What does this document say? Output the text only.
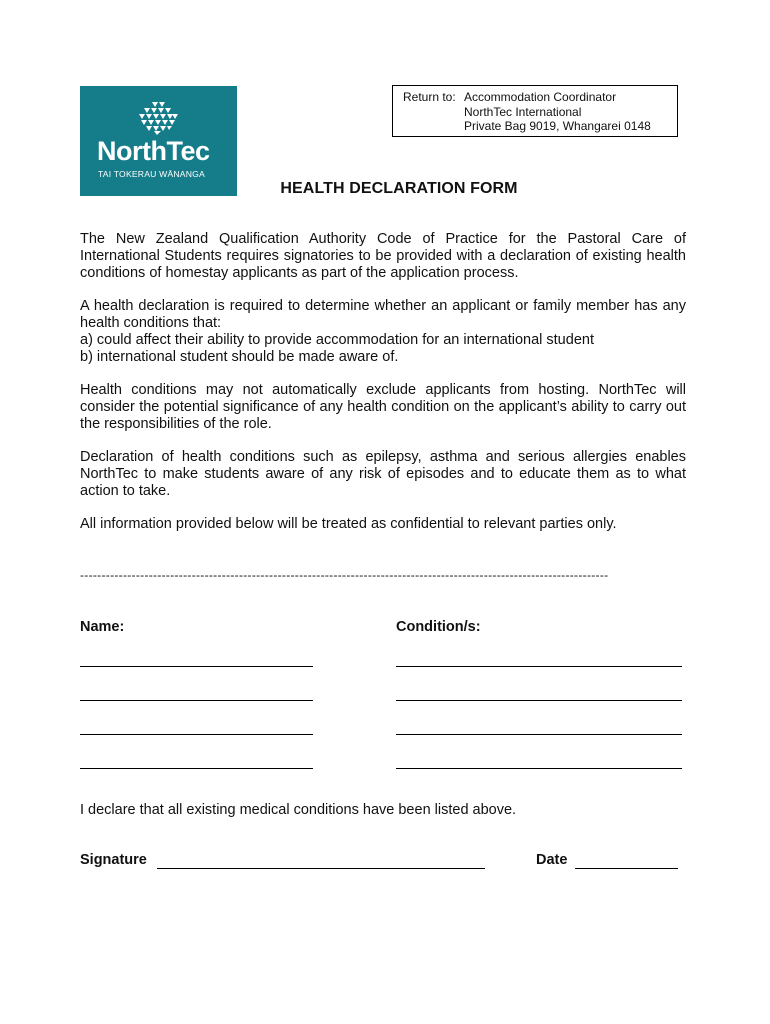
NorthTec
TAI TOKERAU WĀNANGA
Return to: Accommodation Coordinator
NorthTec International
Private Bag 9019, Whangarei 0148
HEALTH DECLARATION FORM

The New Zealand Qualification Authority Code of Practice for the Pastoral Care of International Students requires signatories to be provided with a declaration of existing health conditions of homestay applicants as part of the application process.

A health declaration is required to determine whether an applicant or family member has any health conditions that:
a) could affect their ability to provide accommodation for an international student
b) international student should be made aware of.

Health conditions may not automatically exclude applicants from hosting. NorthTec will consider the potential significance of any health condition on the applicant’s ability to carry out the responsibilities of the role.

Declaration of health conditions such as epilepsy, asthma and serious allergies enables NorthTec to make students aware of any risk of episodes and to educate them as to what action to take.

All information provided below will be treated as confidential to relevant parties only.

---------------------------------------------------------------------------------------------------------------------------
Name:	Condition/s:
I declare that all existing medical conditions have been listed above.
Signature	Date
